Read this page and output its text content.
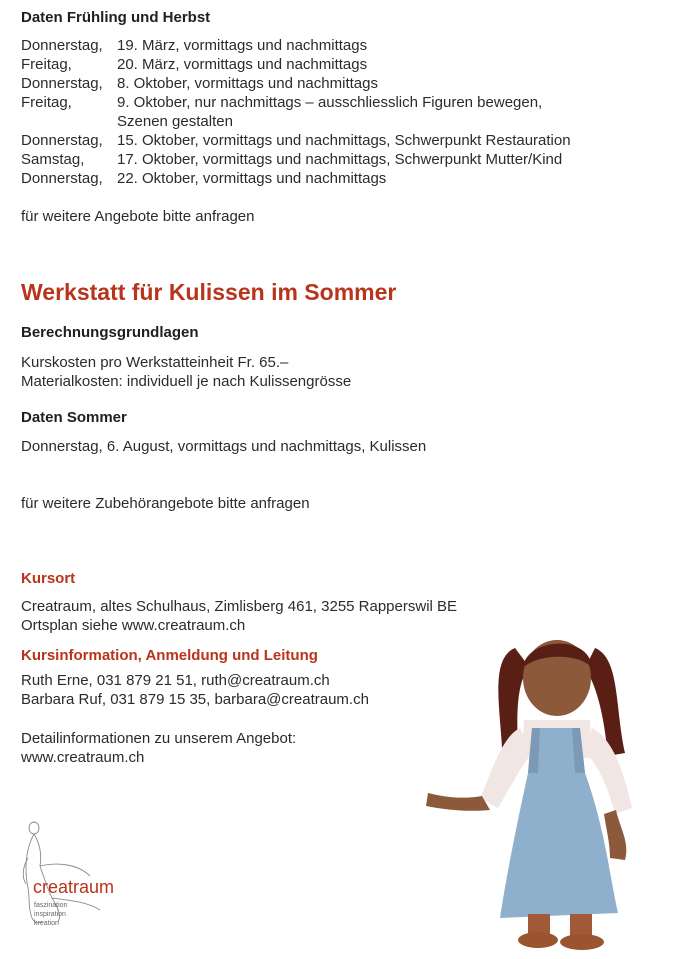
Daten Frühling und Herbst
Donnerstag, 19. März, vormittags und nachmittags
Freitag,	20. März, vormittags und nachmittags
Donnerstag, 8. Oktober, vormittags und nachmittags
Freitag,	9. Oktober, nur nachmittags – ausschliesslich Figuren bewegen,
Szenen gestalten
Donnerstag, 15. Oktober, vormittags und nachmittags, Schwerpunkt Restauration
Samstag, 17. Oktober, vormittags und nachmittags, Schwerpunkt Mutter/Kind
Donnerstag, 22. Oktober, vormittags und nachmittags
für weitere Angebote bitte anfragen
Werkstatt für Kulissen im Sommer
Berechnungsgrundlagen
Kurskosten pro Werkstatteinheit Fr. 65.–
Materialkosten: individuell je nach Kulissengrösse
Daten Sommer
Donnerstag, 6. August, vormittags und nachmittags, Kulissen
für weitere Zubehörangebote bitte anfragen
Kursort
Creatraum, altes Schulhaus, Zimlisberg 461, 3255 Rapperswil BE
Ortsplan siehe www.creatraum.ch
Kursinformation, Anmeldung und Leitung
Ruth Erne, 031 879 21 51, ruth@creatraum.ch
Barbara Ruf, 031 879 15 35, barbara@creatraum.ch
Detailinformationen zu unserem Angebot:
www.creatraum.ch
creatraum
faszination
inspiration
kreation
